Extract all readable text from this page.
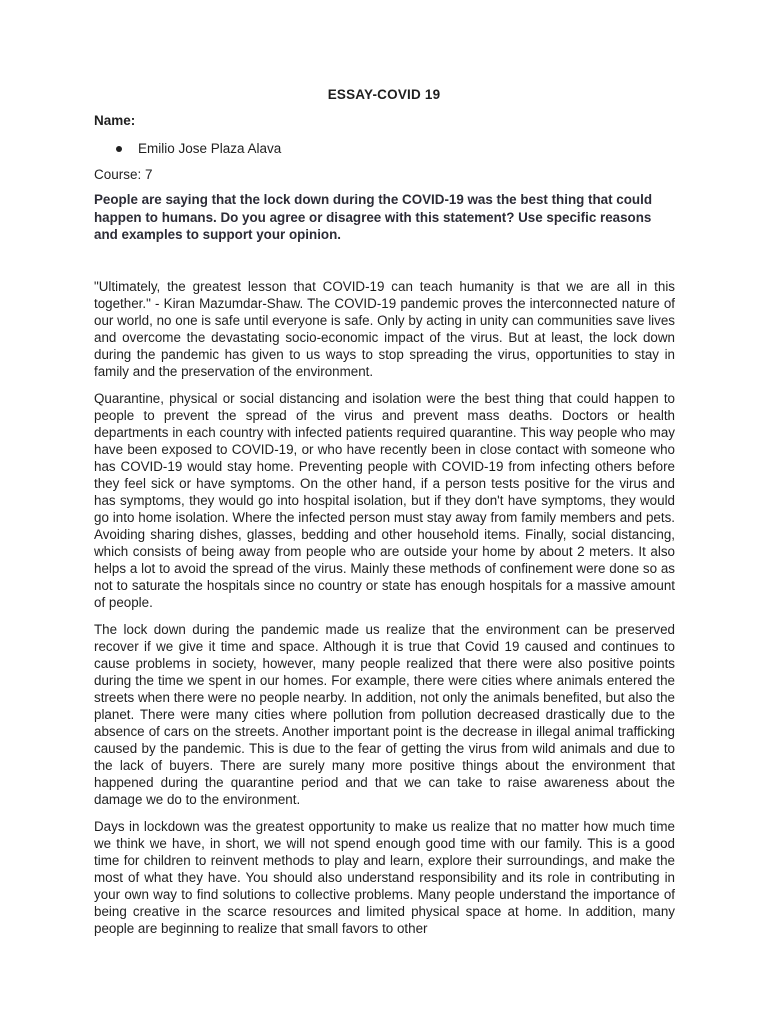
ESSAY-COVID 19
Name:
Emilio Jose Plaza Alava
Course: 7
People are saying that the lock down during the COVID-19 was the best thing that could happen to humans. Do you agree or disagree with this statement? Use specific reasons and examples to support your opinion.

"Ultimately, the greatest lesson that COVID-19 can teach humanity is that we are all in this together." - Kiran Mazumdar-Shaw. The COVID-19 pandemic proves the interconnected nature of our world, no one is safe until everyone is safe. Only by acting in unity can communities save lives and overcome the devastating socio-economic impact of the virus. But at least, the lock down during the pandemic has given to us ways to stop spreading the virus, opportunities to stay in family and the preservation of the environment.

Quarantine, physical or social distancing and isolation were the best thing that could happen to people to prevent the spread of the virus and prevent mass deaths. Doctors or health departments in each country with infected patients required quarantine. This way people who may have been exposed to COVID-19, or who have recently been in close contact with someone who has COVID-19 would stay home. Preventing people with COVID-19 from infecting others before they feel sick or have symptoms. On the other hand, if a person tests positive for the virus and has symptoms, they would go into hospital isolation, but if they don't have symptoms, they would go into home isolation. Where the infected person must stay away from family members and pets. Avoiding sharing dishes, glasses, bedding and other household items. Finally, social distancing, which consists of being away from people who are outside your home by about 2 meters. It also helps a lot to avoid the spread of the virus. Mainly these methods of confinement were done so as not to saturate the hospitals since no country or state has enough hospitals for a massive amount of people.

The lock down during the pandemic made us realize that the environment can be preserved recover if we give it time and space. Although it is true that Covid 19 caused and continues to cause problems in society, however, many people realized that there were also positive points during the time we spent in our homes. For example, there were cities where animals entered the streets when there were no people nearby. In addition, not only the animals benefited, but also the planet. There were many cities where pollution from pollution decreased drastically due to the absence of cars on the streets. Another important point is the decrease in illegal animal trafficking caused by the pandemic. This is due to the fear of getting the virus from wild animals and due to the lack of buyers. There are surely many more positive things about the environment that happened during the quarantine period and that we can take to raise awareness about the damage we do to the environment.

Days in lockdown was the greatest opportunity to make us realize that no matter how much time we think we have, in short, we will not spend enough good time with our family. This is a good time for children to reinvent methods to play and learn, explore their surroundings, and make the most of what they have. You should also understand responsibility and its role in contributing in your own way to find solutions to collective problems. Many people understand the importance of being creative in the scarce resources and limited physical space at home. In addition, many people are beginning to realize that small favors to other
